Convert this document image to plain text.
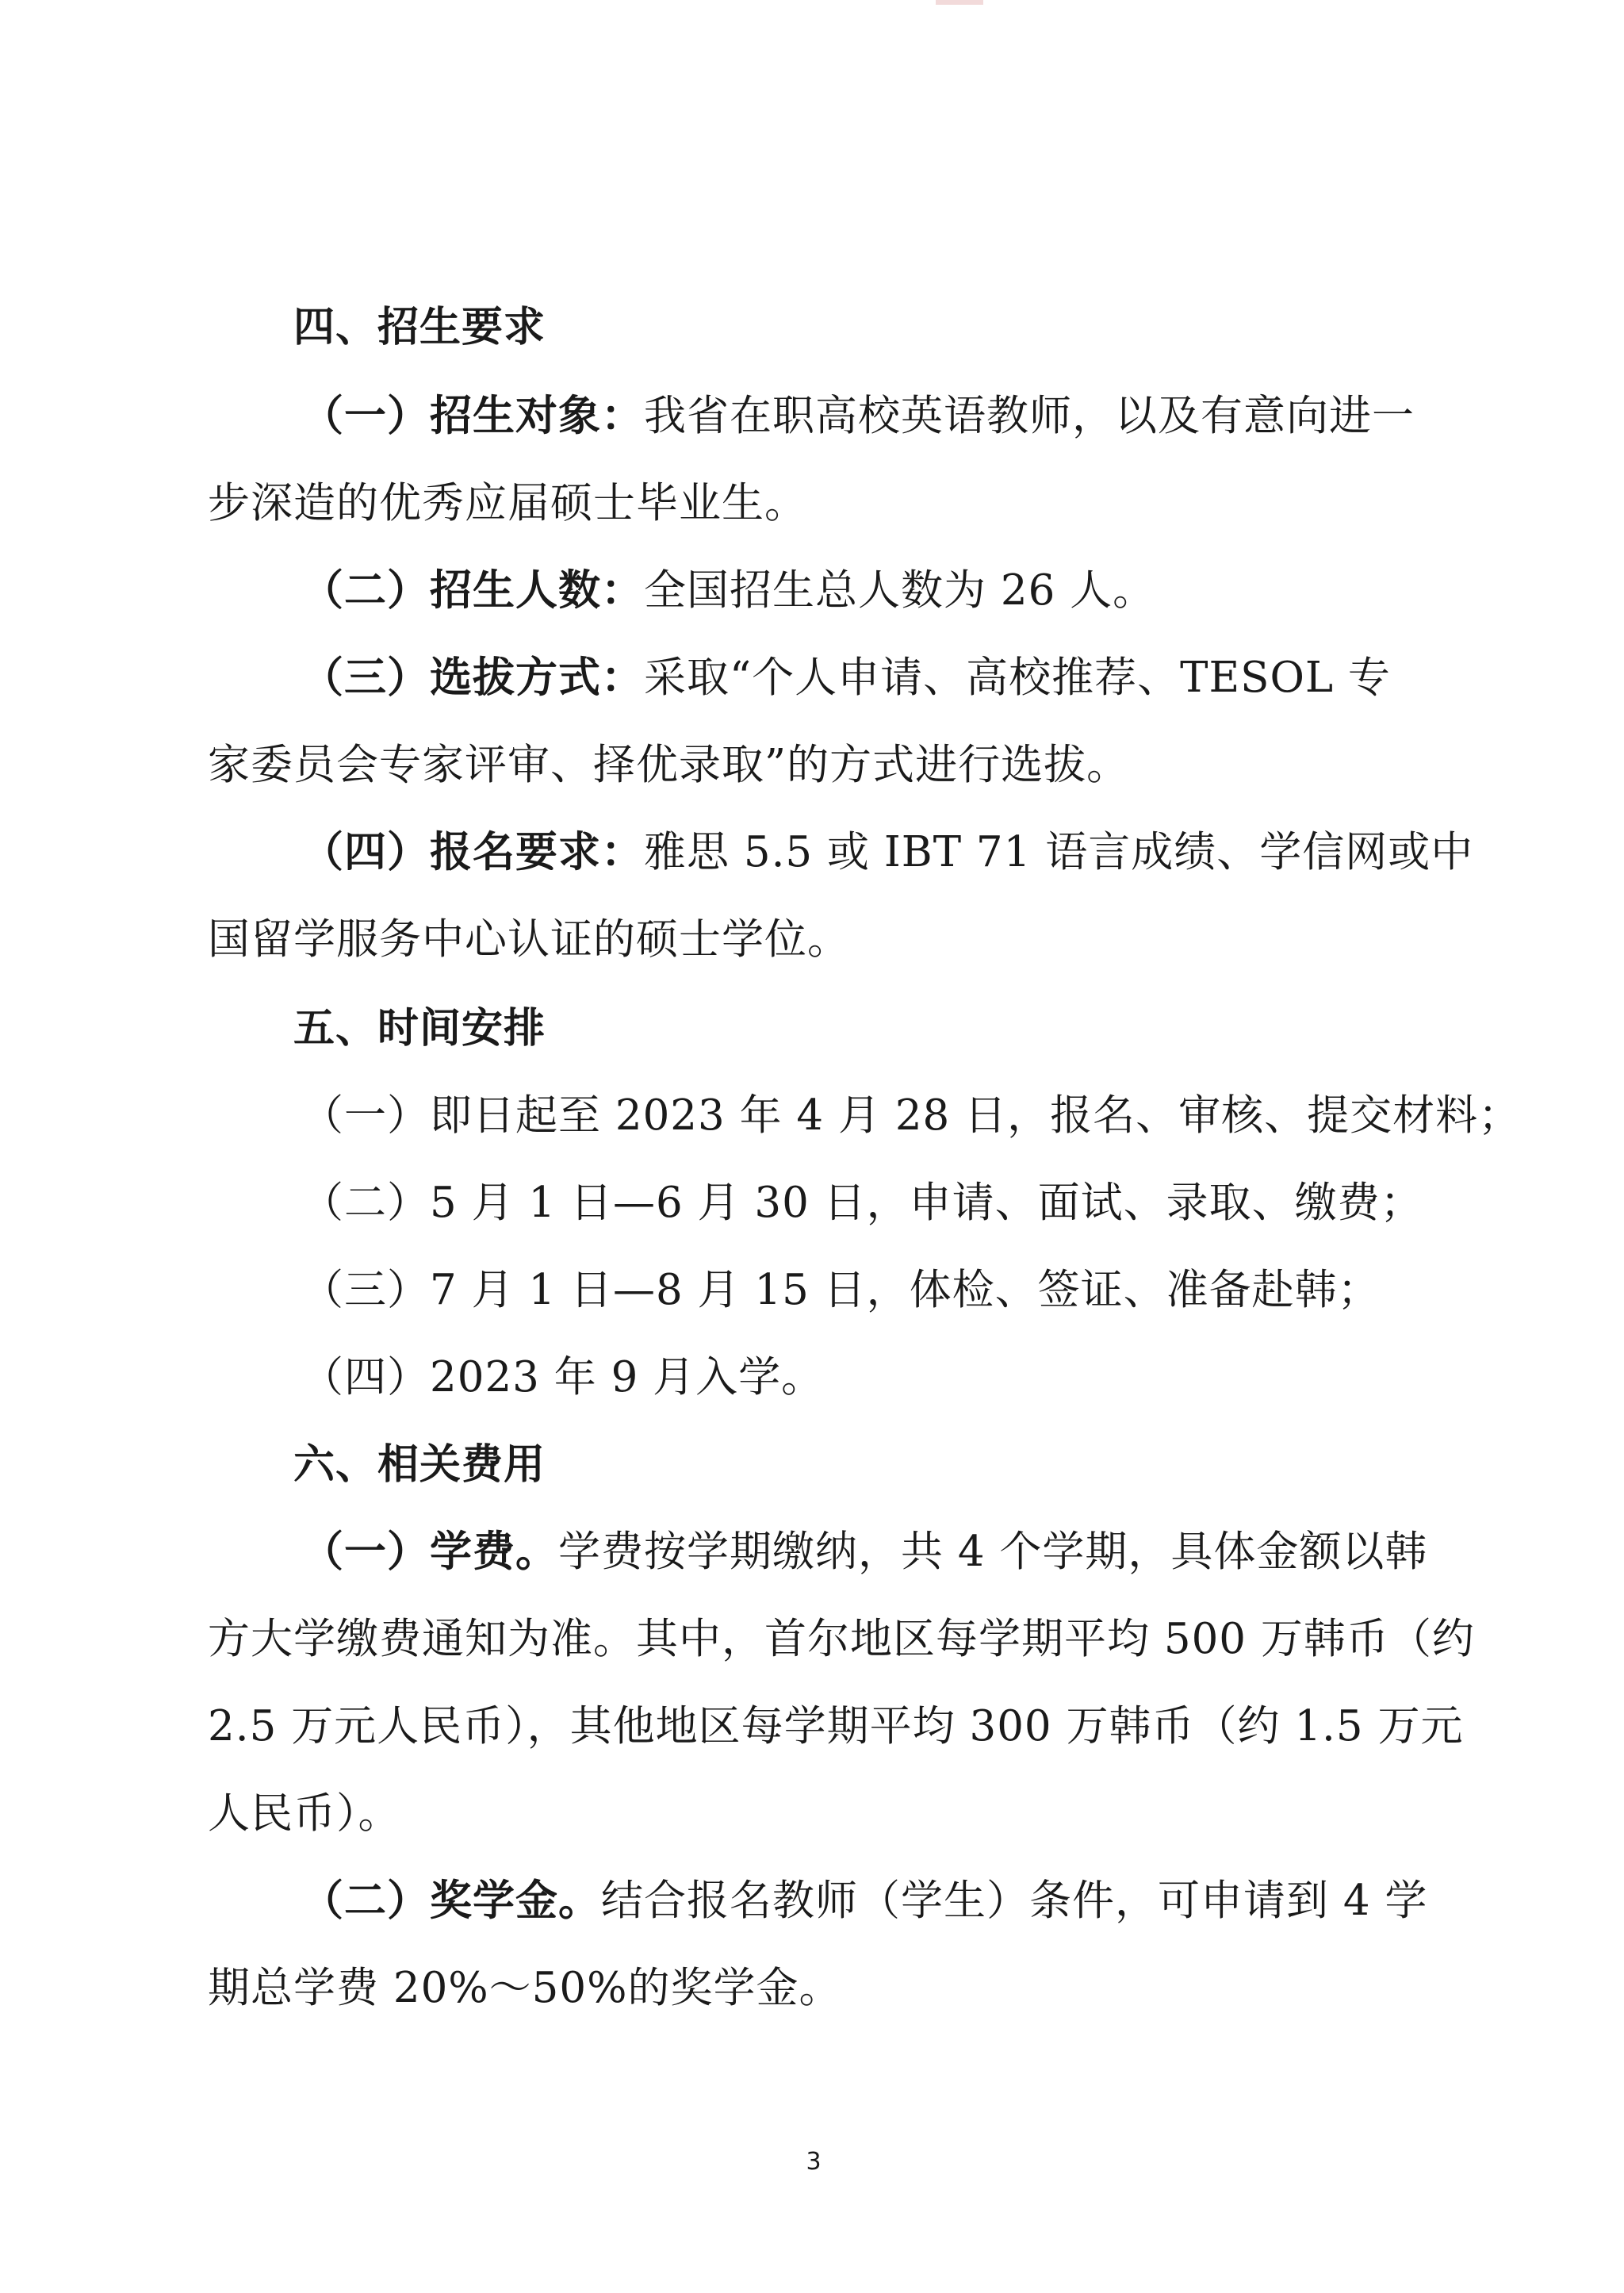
四、招生要求
（一）招生对象：我省在职高校英语教师，以及有意向进一
步深造的优秀应届硕士毕业生。
（二）招生人数：全国招生总人数为 26 人。
（三）选拔方式：采取“个人申请、高校推荐、TESOL 专
家委员会专家评审、择优录取”的方式进行选拔。
（四）报名要求：雅思 5.5 或 IBT 71 语言成绩、学信网或中
国留学服务中心认证的硕士学位。
五、时间安排
（一）即日起至 2023 年 4 月 28 日，报名、审核、提交材料；
（二）5 月 1 日—6 月 30 日，申请、面试、录取、缴费；
（三）7 月 1 日—8 月 15 日，体检、签证、准备赴韩；
（四）2023 年 9 月入学。
六、相关费用
（一）学费。学费按学期缴纳，共 4 个学期，具体金额以韩
方大学缴费通知为准。其中，首尔地区每学期平均 500 万韩币（约
2.5 万元人民币），其他地区每学期平均 300 万韩币（约 1.5 万元
人民币）。
（二）奖学金。结合报名教师（学生）条件，可申请到 4 学
期总学费 20%～50%的奖学金。
3
